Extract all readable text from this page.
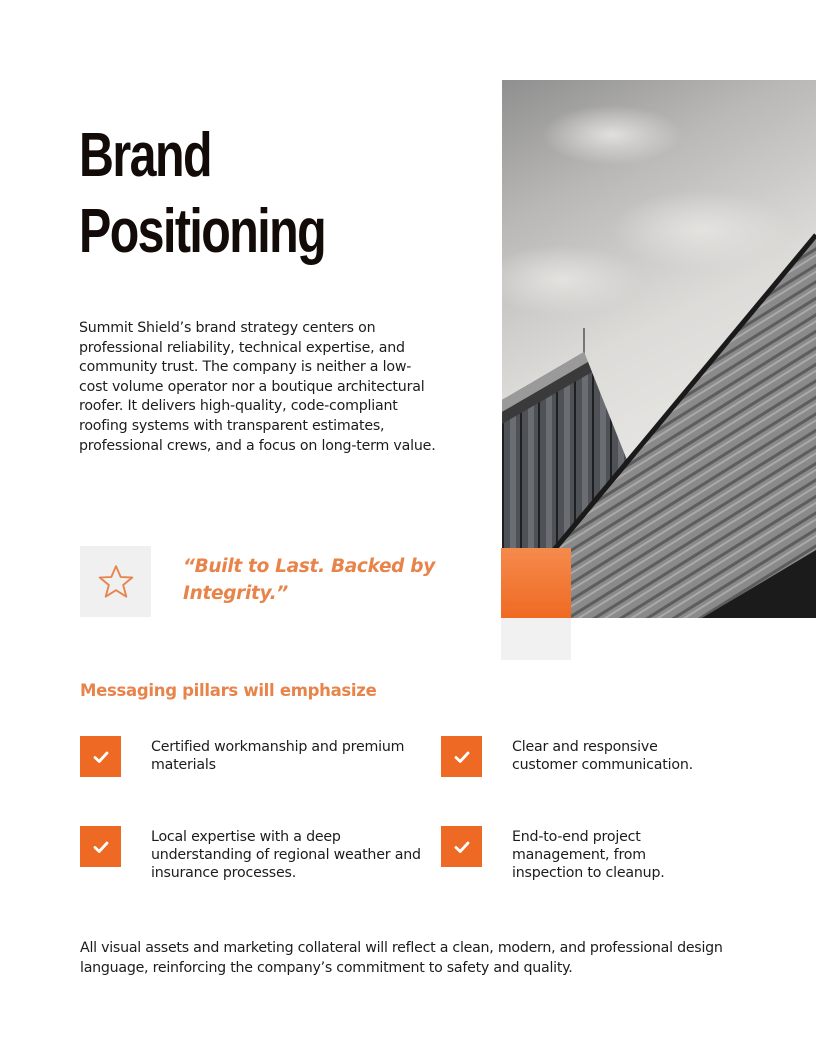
Brand
Positioning

Summit Shield’s brand strategy centers on professional reliability, technical expertise, and community trust. The company is neither a low-cost volume operator nor a boutique architectural roofer. It delivers high-quality, code-compliant roofing systems with transparent estimates, professional crews, and a focus on long-term value.

“Built to Last. Backed by Integrity.”
Messaging pillars will emphasize
Certified workmanship and premium materials
Clear and responsive customer communication.
Local expertise with a deep understanding of regional weather and insurance processes.
End-to-end project management, from inspection to cleanup.

All visual assets and marketing collateral will reflect a clean, modern, and professional design language, reinforcing the company’s commitment to safety and quality.
